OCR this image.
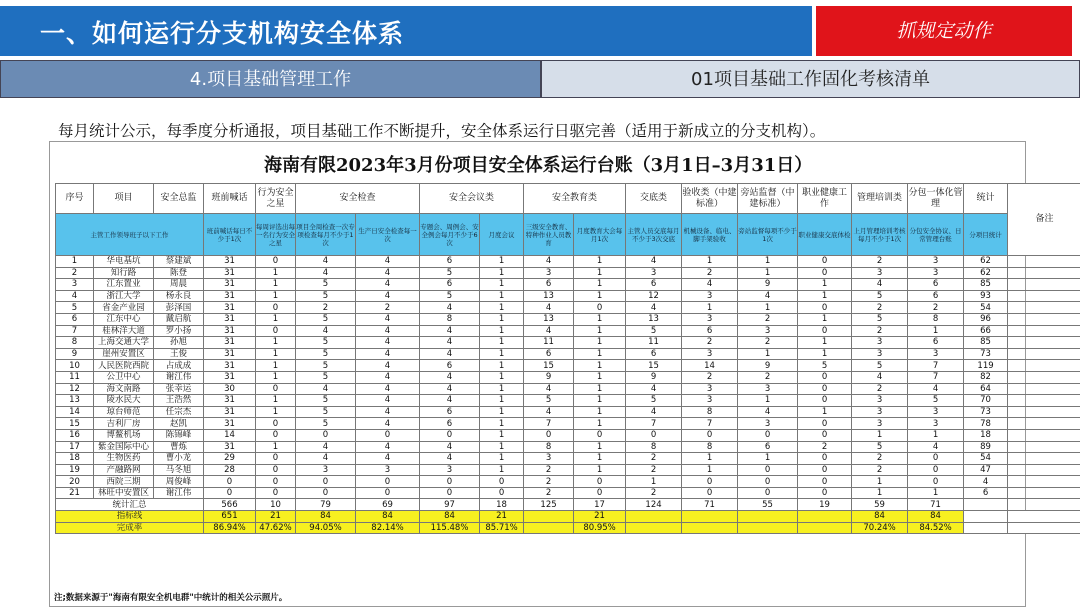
一、如何运行分支机构安全体系	抓规定动作
4.项目基础管理工作	01项目基础工作固化考核清单
每月统计公示，每季度分析通报，项目基础工作不断提升，安全体系运行日驱完善（适用于新成立的分支机构）。
海南有限2023年3月份项目安全体系运行台账（3月1日–3月31日）
序号	项目	安全总监	班前喊话	行为安全之星	安全检查		安全会议类		安全教育类		交底类	验收类（中建标准）	旁站监督（中建标准）	职业健康工作	管理培训类	分包一体化管理	统计	备注
主管工作领导班子以下工作			班前喊话每日不少于1次	每周评选出每一名行为安全之星	项目全周检查一次专项检查每月不少于1次	生产日安全检查每一次	专题会、周例会、安全例会每月不少于6次	月度会议	三级安全教育、特种作业人员教育	月度教育大会每月1次	主管人员交底每月不少于3次交底	机械设备、临电、脚手架验收	旁站监督每项不少于1次	职业健康交底体检	上月管理培训考核每月不少于1次	分包安全协议、日常管理台账	分项目统计	
1	华电基坑	蔡建斌	31	0	4	4	6	1	4	1	4	1	1	0	2	3	62	
2	知行路	陈登	31	1	4	4	5	1	3	1	3	2	1	0	3	3	62	
3	江东置业	周晨	31	1	5	4	6	1	6	1	6	4	9	1	4	6	85	
4	浙江大学	杨永良	31	1	5	4	5	1	13	1	12	3	4	1	5	6	93	
5	省金产业园	彭泽国	31	0	2	2	4	1	4	0	4	1	1	0	2	2	54	
6	江东中心	戴启航	31	1	5	4	8	1	13	1	13	3	2	1	5	8	96	
7	桂林洋大道	罗小扬	31	0	4	4	4	1	4	1	5	6	3	0	2	1	66	
8	上海交通大学	孙旭	31	1	5	4	4	1	11	1	11	2	2	1	3	6	85	
9	崖州安置区	王俊	31	1	5	4	4	1	6	1	6	3	1	1	3	3	73	
10	人民医院西院	占成成	31	1	5	4	6	1	15	1	15	14	9	5	5	7	119	
11	公卫中心	谢江伟	31	1	5	4	4	1	9	1	9	2	2	0	4	7	82	
12	海文南路	张幸运	30	0	4	4	4	1	4	1	4	3	3	0	2	4	64	
13	陵水民大	王浩然	31	1	5	4	4	1	5	1	5	3	1	0	3	5	70	
14	琼台师范	任宗杰	31	1	5	4	6	1	4	1	4	8	4	1	3	3	73	
15	吉利厂房	赵凯	31	0	5	4	6	1	7	1	7	7	3	0	3	3	78	
16	博鳌机场	陈锦峰	14	0	0	0	0	1	0	0	0	0	0	0	1	1	18	
17	紫金国际中心	曹炼	31	1	4	4	4	1	8	1	8	8	6	2	5	4	89	
18	生物医药	曹小龙	29	0	4	4	4	1	3	1	2	1	1	0	2	0	54	
19	产融路网	马冬旭	28	0	3	3	3	1	2	1	2	1	0	0	2	0	47	
20	西院三期	周俊峰	0	0	0	0	0	0	2	0	1	0	0	0	1	0	4	
21	林旺中安置区	谢江伟	0	0	0	0	0	0	2	0	2	0	0	0	1	1	6	
统计汇总			566	10	79	69	97	18	125	17	124	71	55	19	59	71		
指标线			651	21	84	84	84	21		21					84	84		
完成率			86.94%	47.62%	94.05%	82.14%	115.48%	85.71%		80.95%					70.24%	84.52%		
注;数据来源于"海南有限安全机电群"中统计的相关公示照片。
